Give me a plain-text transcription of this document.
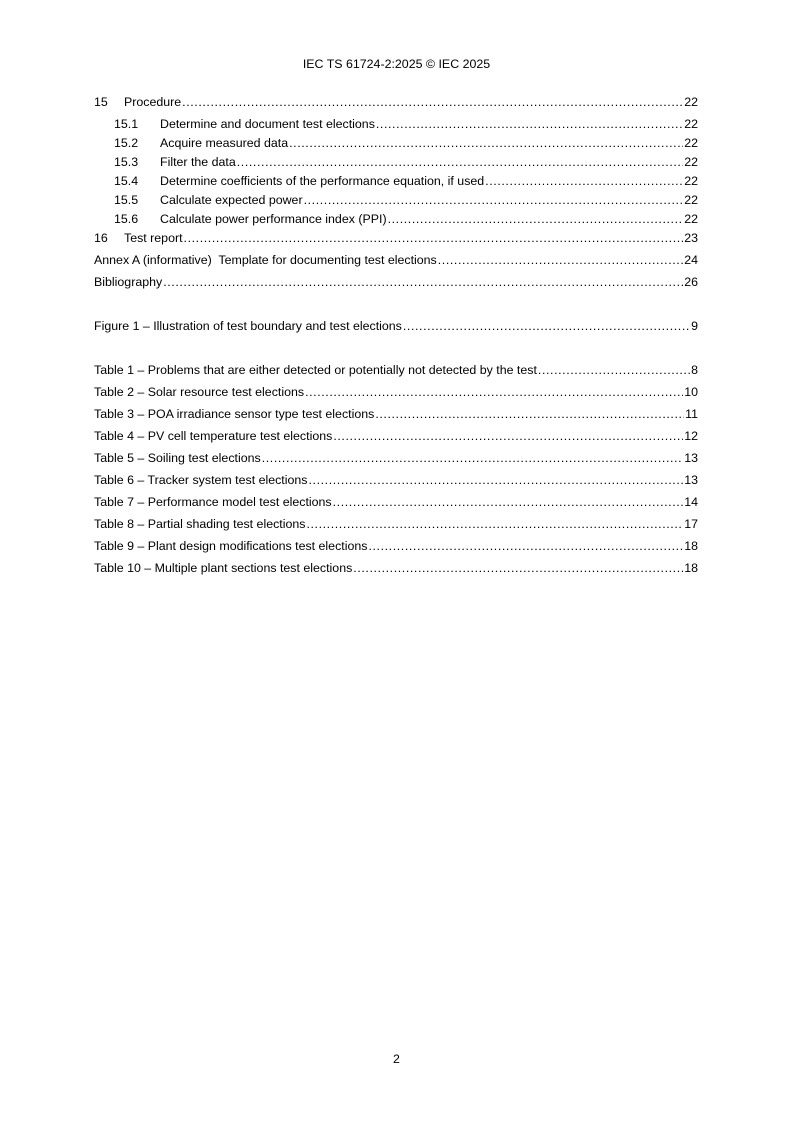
IEC TS 61724-2:2025 © IEC 2025
15	Procedure .....	22
15.1	Determine and document test elections .....	22
15.2	Acquire measured data .....	22
15.3	Filter the data .....	22
15.4	Determine coefficients of the performance equation, if used .....	22
15.5	Calculate expected power .....	22
15.6	Calculate power performance index (PPI) .....	22
16	Test report .....	23
Annex A (informative)  Template for documenting test elections .....	24
Bibliography .....	26
Figure 1 – Illustration of test boundary and test elections .....	9
Table 1 – Problems that are either detected or potentially not detected by the test .....	8
Table 2 – Solar resource test elections .....	10
Table 3 – POA irradiance sensor type test elections .....	11
Table 4 – PV cell temperature test elections .....	12
Table 5 – Soiling test elections .....	13
Table 6 – Tracker system test elections .....	13
Table 7 – Performance model test elections .....	14
Table 8 – Partial shading test elections .....	17
Table 9 – Plant design modifications test elections .....	18
Table 10 – Multiple plant sections test elections .....	18
2
